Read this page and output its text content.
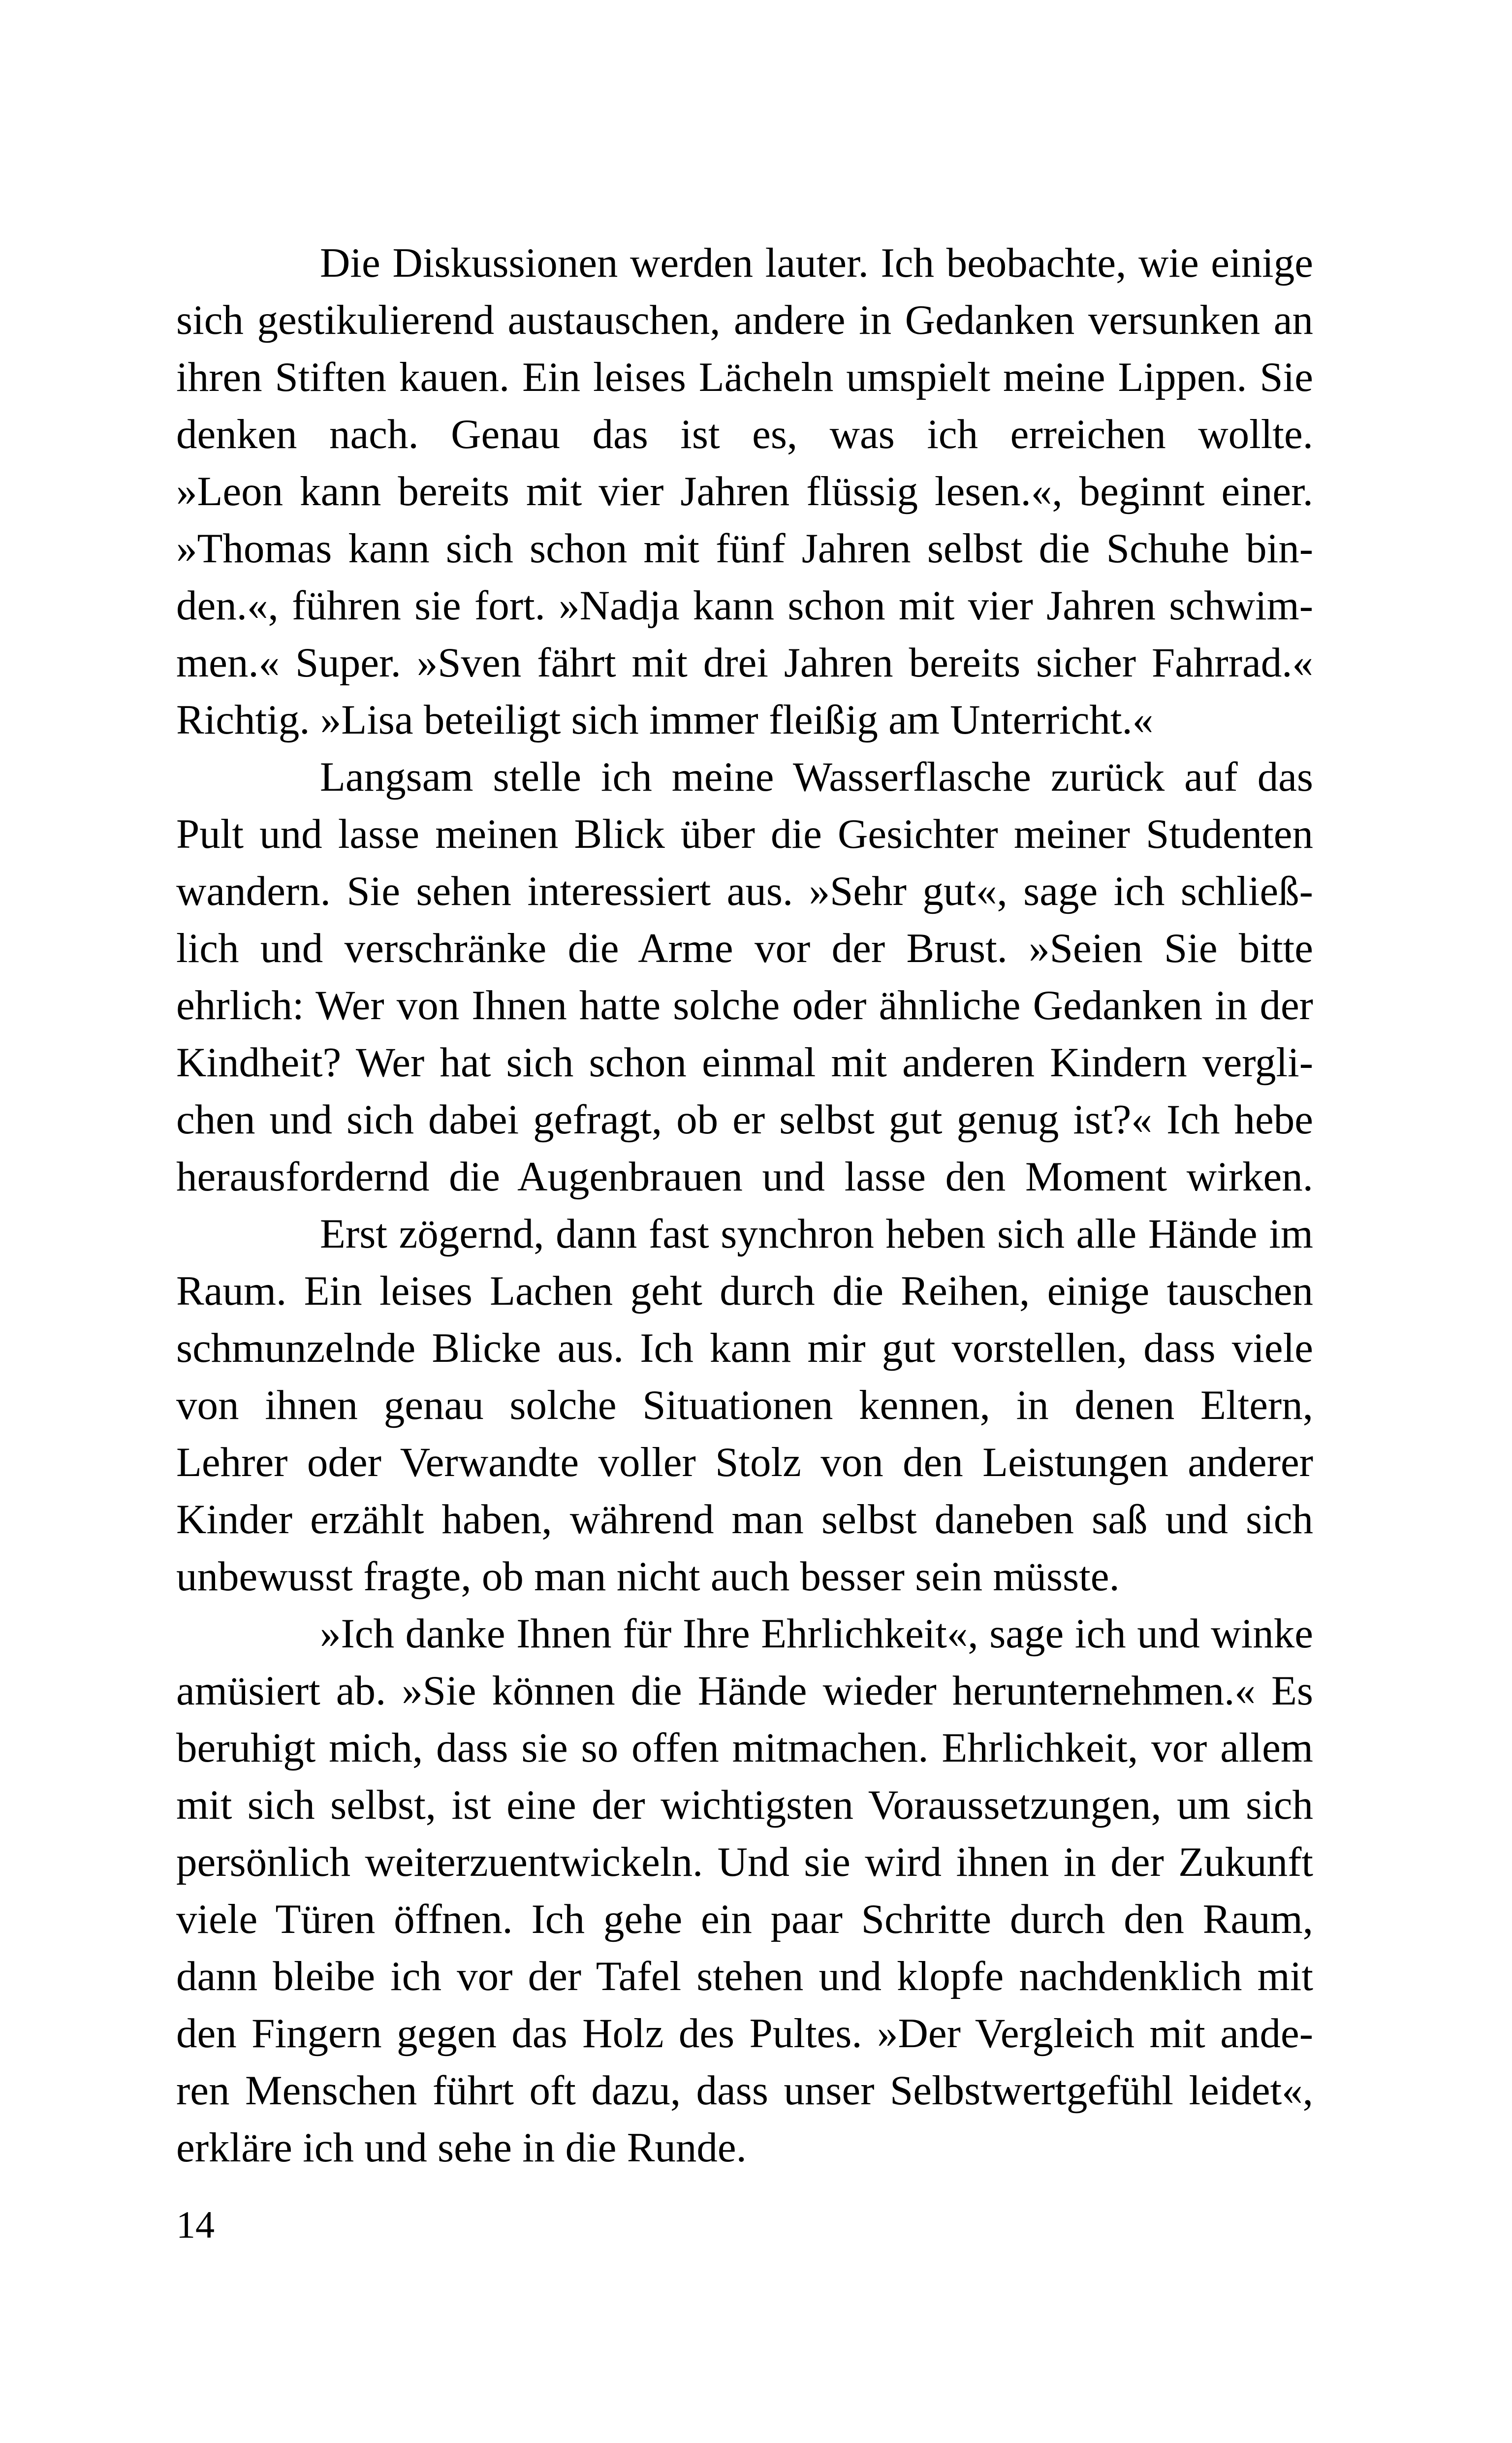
Die Diskussionen werden lauter. Ich beobachte, wie einige
sich gestikulierend austauschen, andere in Gedanken versunken an
ihren Stiften kauen. Ein leises Lächeln umspielt meine Lippen. Sie
denken nach. Genau das ist es, was ich erreichen wollte.
»Leon kann bereits mit vier Jahren flüssig lesen.«, beginnt einer.
»Thomas kann sich schon mit fünf Jahren selbst die Schuhe bin-
den.«, führen sie fort. »Nadja kann schon mit vier Jahren schwim-
men.« Super. »Sven fährt mit drei Jahren bereits sicher Fahrrad.«
Richtig. »Lisa beteiligt sich immer fleißig am Unterricht.«
Langsam stelle ich meine Wasserflasche zurück auf das
Pult und lasse meinen Blick über die Gesichter meiner Studenten
wandern. Sie sehen interessiert aus. »Sehr gut«, sage ich schließ-
lich und verschränke die Arme vor der Brust. »Seien Sie bitte
ehrlich: Wer von Ihnen hatte solche oder ähnliche Gedanken in der
Kindheit? Wer hat sich schon einmal mit anderen Kindern vergli-
chen und sich dabei gefragt, ob er selbst gut genug ist?« Ich hebe
herausfordernd die Augenbrauen und lasse den Moment wirken.
Erst zögernd, dann fast synchron heben sich alle Hände im
Raum. Ein leises Lachen geht durch die Reihen, einige tauschen
schmunzelnde Blicke aus. Ich kann mir gut vorstellen, dass viele
von ihnen genau solche Situationen kennen, in denen Eltern,
Lehrer oder Verwandte voller Stolz von den Leistungen anderer
Kinder erzählt haben, während man selbst daneben saß und sich
unbewusst fragte, ob man nicht auch besser sein müsste.
»Ich danke Ihnen für Ihre Ehrlichkeit«, sage ich und winke
amüsiert ab. »Sie können die Hände wieder herunternehmen.« Es
beruhigt mich, dass sie so offen mitmachen. Ehrlichkeit, vor allem
mit sich selbst, ist eine der wichtigsten Voraussetzungen, um sich
persönlich weiterzuentwickeln. Und sie wird ihnen in der Zukunft
viele Türen öffnen. Ich gehe ein paar Schritte durch den Raum,
dann bleibe ich vor der Tafel stehen und klopfe nachdenklich mit
den Fingern gegen das Holz des Pultes. »Der Vergleich mit ande-
ren Menschen führt oft dazu, dass unser Selbstwertgefühl leidet«,
erkläre ich und sehe in die Runde.
14
